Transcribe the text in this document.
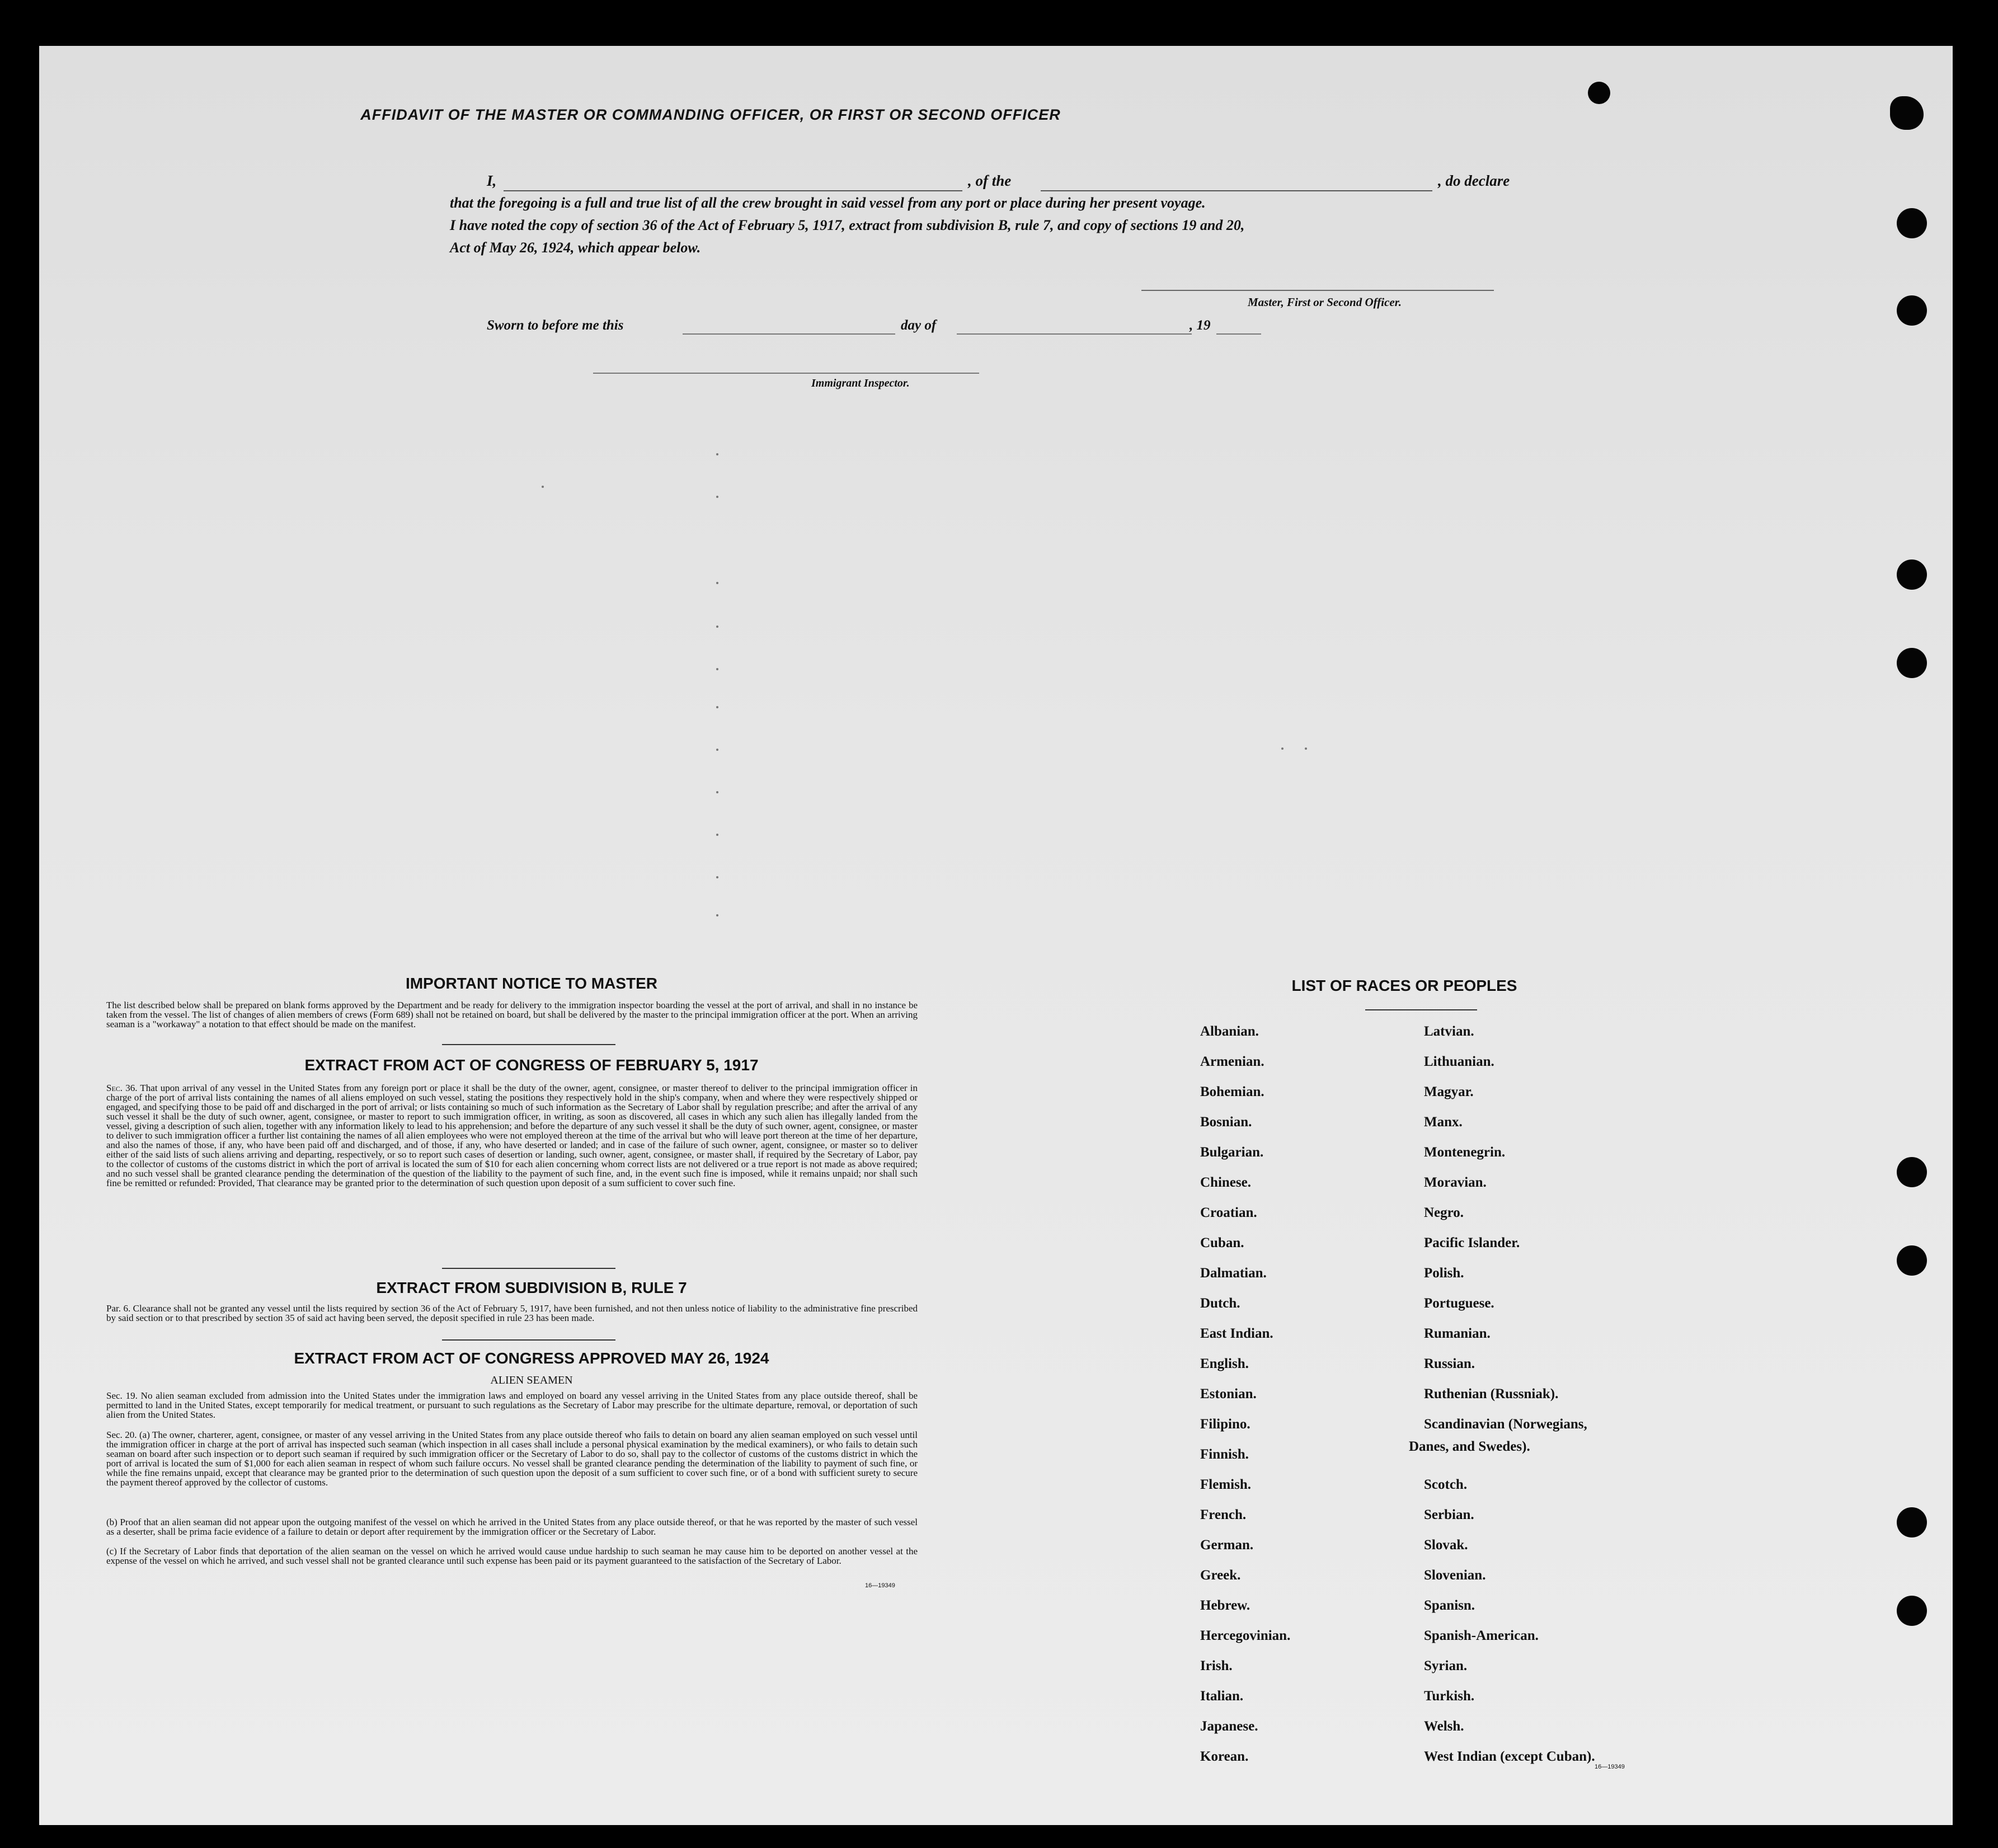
AFFIDAVIT OF THE MASTER OR COMMANDING OFFICER, OR FIRST OR SECOND OFFICER
I,	, of the	, do declare
that the foregoing is a full and true list of all the crew brought in said vessel from any port or place during her present voyage.
I have noted the copy of section 36 of the Act of February 5, 1917, extract from subdivision B, rule 7, and copy of sections 19 and 20,
Act of May 26, 1924, which appear below.
Master, First or Second Officer.
Sworn to before me this	day of	, 19
Immigrant Inspector.
IMPORTANT NOTICE TO MASTER
The list described below shall be prepared on blank forms approved by the Department and be ready for delivery to the immigration inspector boarding the vessel at the port of arrival, and shall in no instance be taken from the vessel. The list of changes of alien members of crews (Form 689) shall not be retained on board, but shall be delivered by the master to the principal immigration officer at the port. When an arriving seaman is a "workaway" a notation to that effect should be made on the manifest.
EXTRACT FROM ACT OF CONGRESS OF FEBRUARY 5, 1917
Sec. 36. That upon arrival of any vessel in the United States from any foreign port or place it shall be the duty of the owner, agent, consignee, or master thereof to deliver to the principal immigration officer in charge of the port of arrival lists containing the names of all aliens employed on such vessel, stating the positions they respectively hold in the ship's company, when and where they were respectively shipped or engaged, and specifying those to be paid off and discharged in the port of arrival; or lists containing so much of such information as the Secretary of Labor shall by regulation prescribe; and after the arrival of any such vessel it shall be the duty of such owner, agent, consignee, or master to report to such immigration officer, in writing, as soon as discovered, all cases in which any such alien has illegally landed from the vessel, giving a description of such alien, together with any information likely to lead to his apprehension; and before the departure of any such vessel it shall be the duty of such owner, agent, consignee, or master to deliver to such immigration officer a further list containing the names of all alien employees who were not employed thereon at the time of the arrival but who will leave port thereon at the time of her departure, and also the names of those, if any, who have been paid off and discharged, and of those, if any, who have deserted or landed; and in case of the failure of such owner, agent, consignee, or master so to deliver either of the said lists of such aliens arriving and departing, respectively, or so to report such cases of desertion or landing, such owner, agent, consignee, or master shall, if required by the Secretary of Labor, pay to the collector of customs of the customs district in which the port of arrival is located the sum of $10 for each alien concerning whom correct lists are not delivered or a true report is not made as above required; and no such vessel shall be granted clearance pending the determination of the question of the liability to the payment of such fine, and, in the event such fine is imposed, while it remains unpaid; nor shall such fine be remitted or refunded: Provided, That clearance may be granted prior to the determination of such question upon deposit of a sum sufficient to cover such fine.
EXTRACT FROM SUBDIVISION B, RULE 7
Par. 6. Clearance shall not be granted any vessel until the lists required by section 36 of the Act of February 5, 1917, have been furnished, and not then unless notice of liability to the administrative fine prescribed by said section or to that prescribed by section 35 of said act having been served, the deposit specified in rule 23 has been made.
EXTRACT FROM ACT OF CONGRESS APPROVED MAY 26, 1924
ALIEN SEAMEN
Sec. 19. No alien seaman excluded from admission into the United States under the immigration laws and employed on board any vessel arriving in the United States from any place outside thereof, shall be permitted to land in the United States, except temporarily for medical treatment, or pursuant to such regulations as the Secretary of Labor may prescribe for the ultimate departure, removal, or deportation of such alien from the United States.
Sec. 20. (a) The owner, charterer, agent, consignee, or master of any vessel arriving in the United States from any place outside thereof who fails to detain on board any alien seaman employed on such vessel until the immigration officer in charge at the port of arrival has inspected such seaman (which inspection in all cases shall include a personal physical examination by the medical examiners), or who fails to detain such seaman on board after such inspection or to deport such seaman if required by such immigration officer or the Secretary of Labor to do so, shall pay to the collector of customs of the customs district in which the port of arrival is located the sum of $1,000 for each alien seaman in respect of whom such failure occurs. No vessel shall be granted clearance pending the determination of the liability to payment of such fine, or while the fine remains unpaid, except that clearance may be granted prior to the determination of such question upon the deposit of a sum sufficient to cover such fine, or of a bond with sufficient surety to secure the payment thereof approved by the collector of customs.
(b) Proof that an alien seaman did not appear upon the outgoing manifest of the vessel on which he arrived in the United States from any place outside thereof, or that he was reported by the master of such vessel as a deserter, shall be prima facie evidence of a failure to detain or deport after requirement by the immigration officer or the Secretary of Labor.
(c) If the Secretary of Labor finds that deportation of the alien seaman on the vessel on which he arrived would cause undue hardship to such seaman he may cause him to be deported on another vessel at the expense of the vessel on which he arrived, and such vessel shall not be granted clearance until such expense has been paid or its payment guaranteed to the satisfaction of the Secretary of Labor.
16—19349
LIST OF RACES OR PEOPLES
Danes, and Swedes).
16—19349
Albanian.
Armenian.
Bohemian.
Bosnian.
Bulgarian.
Chinese.
Croatian.
Cuban.
Dalmatian.
Dutch.
East Indian.
English.
Estonian.
Filipino.
Finnish.
Flemish.
French.
German.
Greek.
Hebrew.
Hercegovinian.
Irish.
Italian.
Japanese.
Korean.
Latvian.
Lithuanian.
Magyar.
Manx.
Montenegrin.
Moravian.
Negro.
Pacific Islander.
Polish.
Portuguese.
Rumanian.
Russian.
Ruthenian (Russniak).
Scandinavian (Norwegians,
Scotch.
Serbian.
Slovak.
Slovenian.
Spanisn.
Spanish-American.
Syrian.
Turkish.
Welsh.
West Indian (except Cuban).
